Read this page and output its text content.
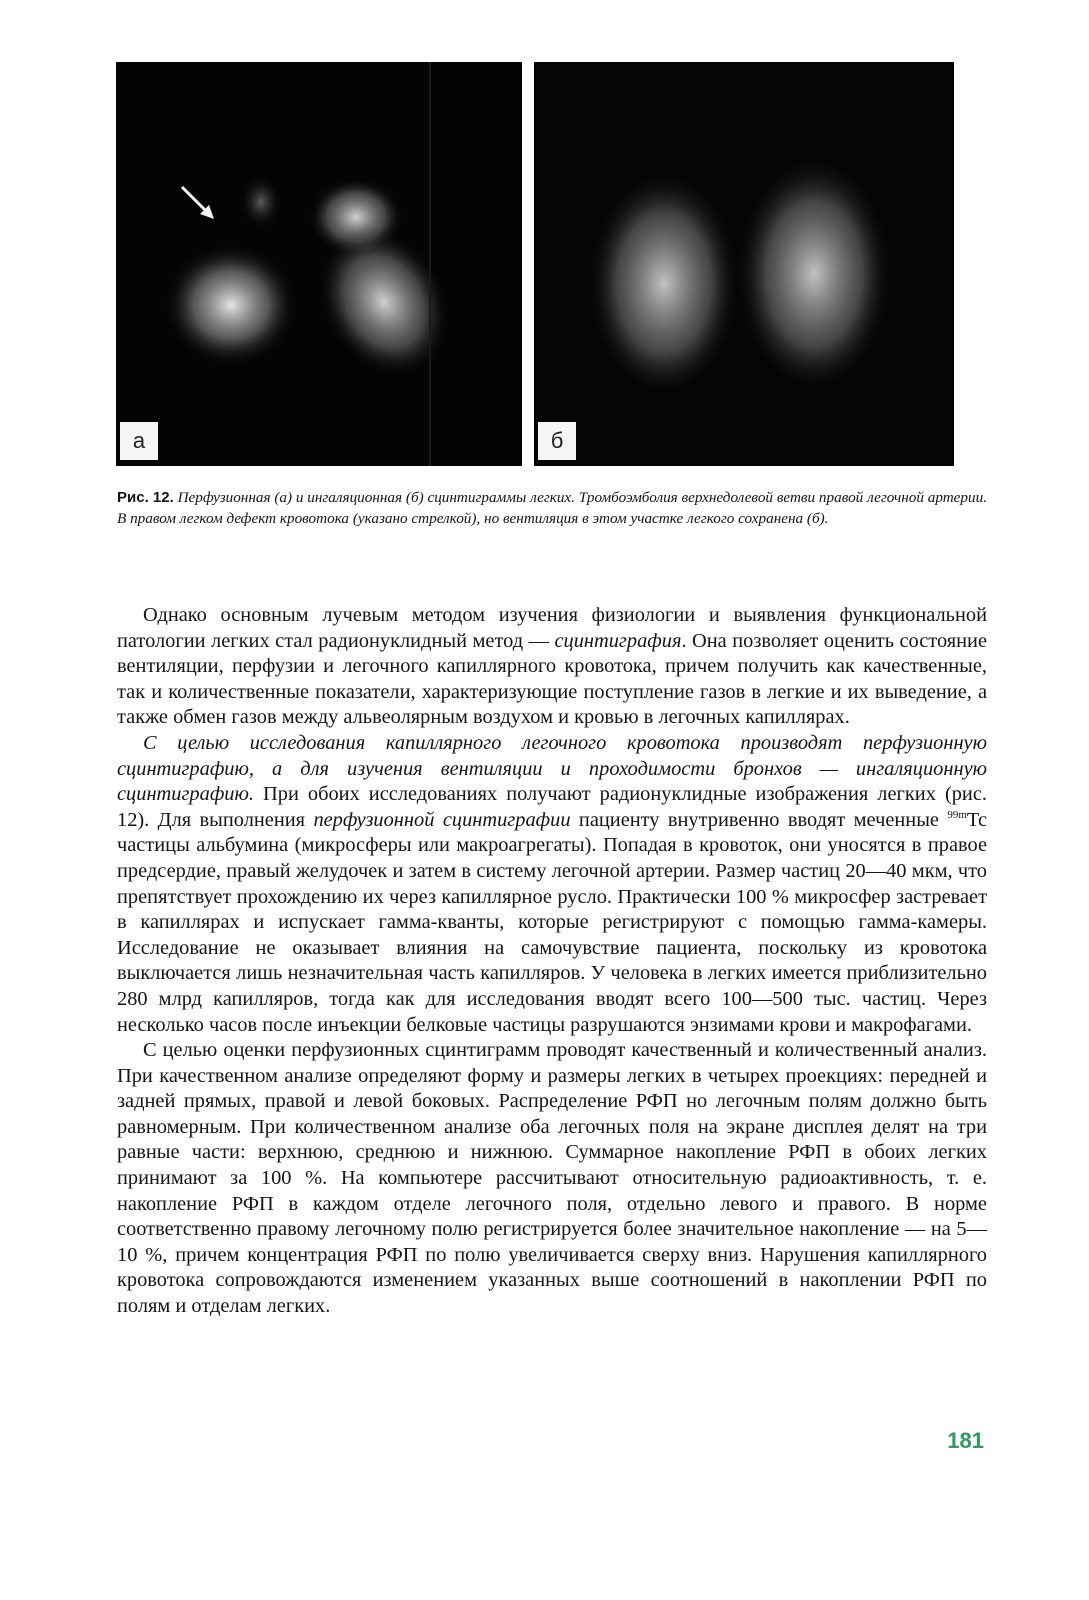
а	б
Рис. 12. Перфузионная (а) и ингаляционная (б) сцинтиграммы легких. Тромбоэмболия верхнедолевой ветви правой легочной артерии. В правом легком дефект кровотока (указано стрелкой), но вентиляция в этом участке легкого сохранена (б).

Однако основным лучевым методом изучения физиологии и выявления функциональной патологии легких стал радионуклидный метод — сцинтиграфия. Она позволяет оценить состояние вентиляции, перфузии и легочного капиллярного кровотока, причем получить как качественные, так и количественные показатели, характеризующие поступление газов в легкие и их выведение, а также обмен газов между альвеолярным воздухом и кровью в легочных капиллярах.

С целью исследования капиллярного легочного кровотока производят перфузионную сцинтиграфию, а для изучения вентиляции и проходимости бронхов — ингаляционную сцинтиграфию. При обоих исследованиях получают радионуклидные изображения легких (рис. 12). Для выполнения перфузионной сцинтиграфии пациенту внутривенно вводят меченные $^{99m}$Tc частицы альбумина (микросферы или макроагрегаты). Попадая в кровоток, они уносятся в правое предсердие, правый желудочек и затем в систему легочной артерии. Размер частиц 20—40 мкм, что препятствует прохождению их через капиллярное русло. Практически 100 % микросфер застревает в капиллярах и испускает гамма-кванты, которые регистрируют с помощью гамма-камеры. Исследование не оказывает влияния на самочувствие пациента, поскольку из кровотока выключается лишь незначительная часть капилляров. У человека в легких имеется приблизительно 280 млрд капилляров, тогда как для исследования вводят всего 100—500 тыс. частиц. Через несколько часов после инъекции белковые частицы разрушаются энзимами крови и макрофагами.

С целью оценки перфузионных сцинтиграмм проводят качественный и количественный анализ. При качественном анализе определяют форму и размеры легких в четырех проекциях: передней и задней прямых, правой и левой боковых. Распределение РФП но легочным полям должно быть равномерным. При количественном анализе оба легочных поля на экране дисплея делят на три равные части: верхнюю, среднюю и нижнюю. Суммарное накопление РФП в обоих легких принимают за 100 %. На компьютере рассчитывают относительную радиоактивность, т. е. накопление РФП в каждом отделе легочного поля, отдельно левого и правого. В норме соответственно правому легочному полю регистрируется более значительное накопление — на 5—10 %, причем концентрация РФП по полю увеличивается сверху вниз. Нарушения капиллярного кровотока сопровождаются изменением указанных выше соотношений в накоплении РФП по полям и отделам легких.

181
